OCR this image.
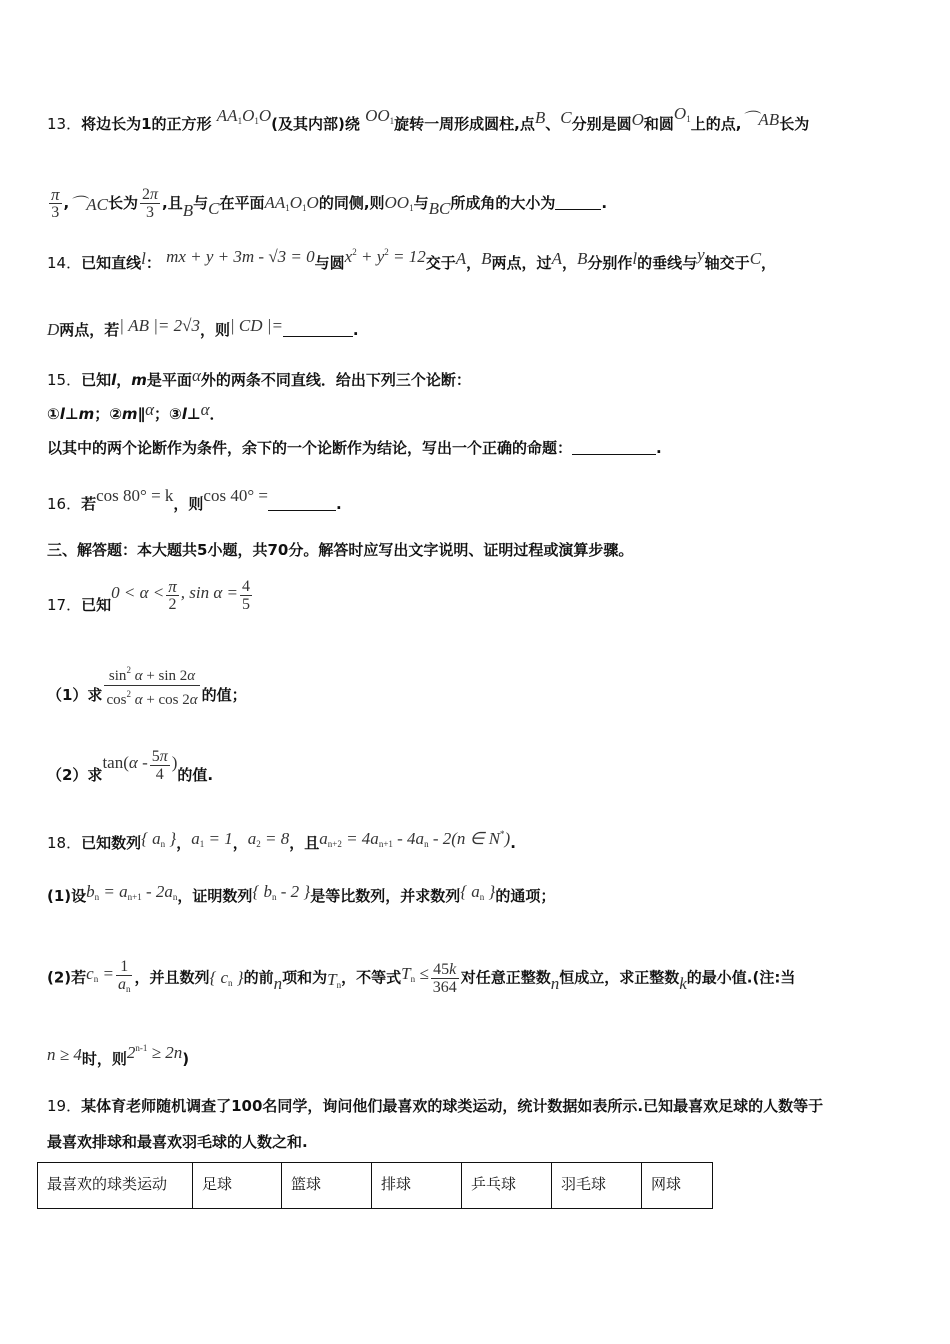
13．将边长为1的正方形 $AA_1O_1O$(及其内部)绕 $OO_1$旋转一周形成圆柱,点B、C分别是圆O和圆$O_1$上的点,⌒AB长为
$\frac{\pi}{3}$ ,⌒AC长为 $\frac{2\pi}{3}$ ,且B与C在平面$AA_1O_1O$的同侧,则$OO_1$与BC所成角的大小为	.
14．已知直线l： mx + y + 3m - √3 = 0与圆$x^2 + y^2 = 12$交于A，B两点，过A，B分别作l的垂线与y轴交于C，
D两点，若| AB |= 2√3，则| CD |=	.
15．已知l，m是平面α外的两条不同直线．给出下列三个论断：
①l⊥m；②m∥α；③l⊥α．
以其中的两个论断作为条件，余下的一个论断作为结论，写出一个正确的命题：	.
16．若cos 80° = k，则cos 40° =	.
三、解答题：本大题共5小题，共70分。解答时应写出文字说明、证明过程或演算步骤。
17．已知$0 < \alpha < \frac{\pi}{2}$ , $\sin \alpha = \frac{4}{5}$
（1）求 $\frac{\sin^2 \alpha + \sin 2\alpha}{\cos^2 \alpha + \cos 2\alpha}$ 的值；
（2）求$\tan(\alpha - \frac{5\pi}{4}$ )的值.
18．已知数列{ $a_n$ }，$a_1 = 1$，$a_2 = 8$，且$a_{n+2} = 4a_{n+1} - 4a_n - 2(n$ ∈ N*).
(1)设$b_n = a_{n+1} - 2a_n$，证明数列{ $b_n - 2$ }是等比数列，并求数列{ $a_n$ }的通项；
(2)若$c_n = \frac{1}{a_n}$ ，并且数列{ $c_n$ }的前n项和为$T_n$，不等式$T_n \le \frac{45k}{364}$ 对任意正整数n恒成立，求正整数k的最小值.(注:当
n ≥ 4时，则$2^{n-1} \ge 2n$)
19．某体育老师随机调查了100名同学，询问他们最喜欢的球类运动，统计数据如表所示.已知最喜欢足球的人数等于
最喜欢排球和最喜欢羽毛球的人数之和.
最喜欢的球类运动	足球	篮球	排球	乒乓球	羽毛球	网球
